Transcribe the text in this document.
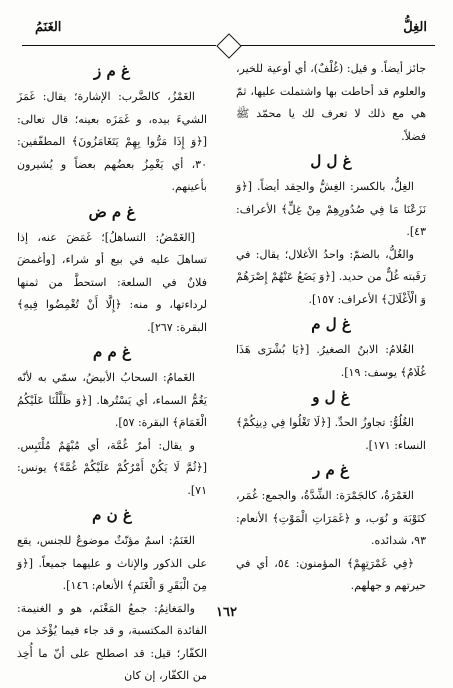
الغِلُّ
الغَنَمُ

جائز أيضاً. و قيل: (غُلْفٌ)، أي أوعية للخير، والعلوم قد أحاطت بها واشتملت عليها، ثمّ هي مع ذلك لا تعرف لك يا محمّد ﷺ فضلاً.

غ ل ل

الغِلُّ، بالكسر: الغِشُّ والحِقد أيضاً. [﴿وَ نَزَعْنَا مَا فِي صُدُورِهِمْ مِنْ غِلٍّ﴾ الأعراف: ٤٣].

والغُلُّ، بالضمّ: واحدُ الأغلال؛ يقال: في رَقَبته غُلٌّ من حديد. [﴿وَ يَضَعُ عَنْهُمْ إِصْرَهُمْ وَ الْأَغْلَالَ﴾ الأعراف: ١٥٧].

غ ل م

الغُلامُ: الابنُ الصغيرُ. [﴿يَا بُشْرَى هَذَا غُلَامٌ﴾ يوسف: ١٩].

غ ل و

الغُلُوُّ: تجاوزُ الحدِّ. [﴿لَا تَغْلُوا فِي دِينِكُمْ﴾ النساء: ١٧١].

غ م ر

الغَمْرَةُ، كالجَمْرَة: الشِّدَّةُ، والجمع: غُمَر، كنَوْبَة و نُوَب، و ﴿غَمَرَاتِ الْمَوْتِ﴾ الأنعام: ٩٣، شدائده.

﴿فِي غَمْرَتِهِمْ﴾ المؤمنون: ٥٤، أي في حيرتهم و جهلهم.

غ م ز

الغَمْزُ، كالضَّرب: الإشارة؛ يقال: غَمَزَ الشيءَ بيده، و غَمَزَه بعينه؛ قال تعالى: [﴿وَ إِذَا مَرُّوا بِهِمْ يَتَغَامَزُونَ﴾ المطفّفين: ٣٠، أي يَغْمِزُ بعضُهم بعضاً و يُشيرون بأعينهم.

غ م ض

[الغَمْضُ: التساهلُ]؛ غَمَضَ عنه، إذا تساهلَ عليه في بيع أو شراء، [وأغمضَ فلانٌ في السلعة: استحطَّ من ثمنها لرداءتها، و منه: ﴿إِلَّا أَنْ تُغْمِضُوا فِيهِ﴾ البقرة: ٢٦٧].

غ م م

الغَمامُ: السحابُ الأبيضُ، سمّي به لأنّه يَغُمُّ السماء، أي يَسْتُرها. [﴿وَ ظَلَّلْنَا عَلَيْكُمُ الْغَمَامَ﴾ البقرة: ٥٧].

و يقال: أمرٌ غُمَّة، أي مُبْهَمٌ مُلْتَبِس. [﴿ثُمَّ لَا يَكُنْ أَمْرُكُمْ عَلَيْكُمْ غُمَّةً﴾ يونس: ٧١].

غ ن م

الغَنَمُ: اسمٌ مؤنّثٌ موضوعٌ للجنس، يقع على الذكور والإناث و عليهما جميعاً. [﴿وَ مِنَ الْبَقَرِ وَ الْغَنَمِ﴾ الأنعام: ١٤٦].

والمَغانِمُ: جمعُ المَغْنَم، هو و الغنيمة: الفائدة المكتسبة، و قد جاء فيما يُؤْخَذ من الكفّار؛ قيل: قد اصطلح على أنّ ما أُخِذ من الكفّار، إن كان

١٦٢
